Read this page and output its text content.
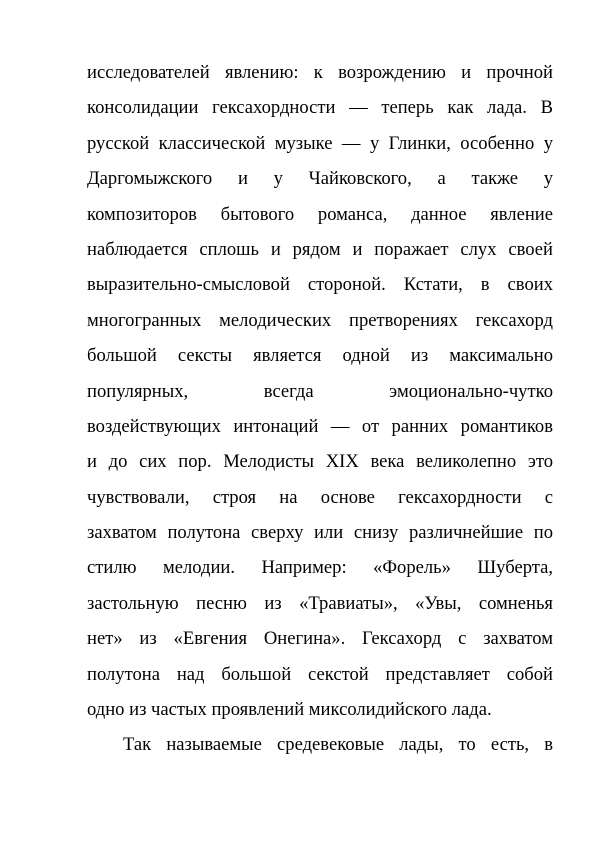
исследователей явлению: к возрождению и прочной
консолидации гексахордности — теперь как лада. В
русской классической музыке — у Глинки, особенно у
Даргомыжского и у Чайковского, а также у
композиторов бытового романса, данное явление
наблюдается сплошь и рядом и поражает слух своей
выразительно-смысловой стороной. Кстати, в своих
многогранных мелодических претворениях гексахорд
большой сексты является одной из максимально
популярных, всегда эмоционально-чутко
воздействующих интонаций — от ранних романтиков
и до сих пор. Мелодисты XIX века великолепно это
чувствовали, строя на основе гексахордности с
захватом полутона сверху или снизу различнейшие по
стилю мелодии. Например: «Форель» Шуберта,
застольную песню из «Травиаты», «Увы, сомненья
нет» из «Евгения Онегина». Гексахорд с захватом
полутона над большой секстой представляет собой
одно из частых проявлений миксолидийского лада.
Так называемые средевековые лады, то есть, в
